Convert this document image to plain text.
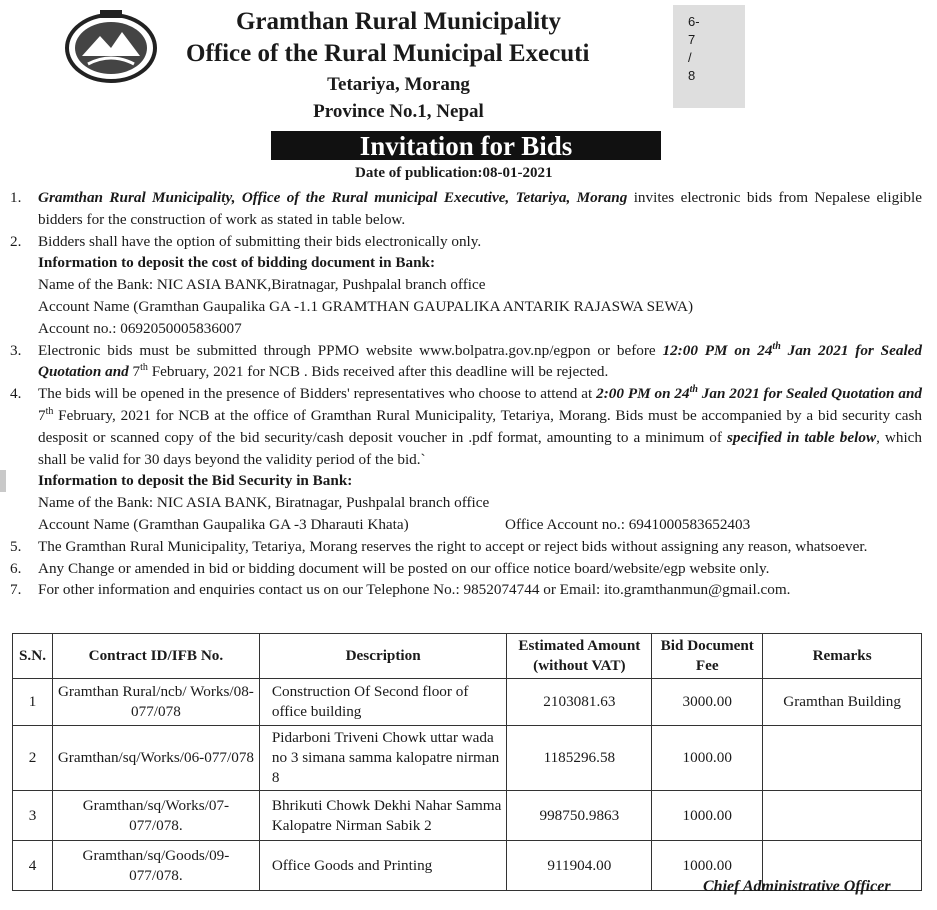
Gramthan Rural Municipality
Office of the Rural Municipal Executi
Tetariya, Morang
Province No.1, Nepal
6-
7
/
8
Invitation for Bids
Date of publication:08-01-2021
1. Gramthan Rural Municipality, Office of the Rural municipal Executive, Tetariya, Morang invites electronic bids from Nepalese eligible bidders for the construction of work as stated in table below.
2. Bidders shall have the option of submitting their bids electronically only.
Information to deposit the cost of bidding document in Bank:
Name of the Bank: NIC ASIA BANK,Biratnagar, Pushpalal branch office
Account Name (Gramthan Gaupalika GA -1.1 GRAMTHAN GAUPALIKA ANTARIK RAJASWA SEWA)
Account no.: 0692050005836007
3. Electronic bids must be submitted through PPMO website www.bolpatra.gov.np/egpon or before 12:00 PM on 24th Jan 2021 for Sealed Quotation and 7th February, 2021 for NCB . Bids received after this deadline will be rejected.
4. The bids will be opened in the presence of Bidders' representatives who choose to attend at 2:00 PM on 24th Jan 2021 for Sealed Quotation and 7th February, 2021 for NCB at the office of Gramthan Rural Municipality, Tetariya, Morang. Bids must be accompanied by a bid security cash desposit or scanned copy of the bid security/cash deposit voucher in .pdf format, amounting to a minimum of specified in table below, which shall be valid for 30 days beyond the validity period of the bid.`
Information to deposit the Bid Security in Bank:
Name of the Bank: NIC ASIA BANK, Biratnagar, Pushpalal branch office
Account Name (Gramthan Gaupalika GA -3 Dharauti Khata)	Office Account no.: 6941000583652403
5. The Gramthan Rural Municipality, Tetariya, Morang reserves the right to accept or reject bids without assigning any reason, whatsoever.
6. Any Change or amended in bid or bidding document will be posted on our office notice board/website/egp website only.
7. For other information and enquiries contact us on our Telephone No.: 9852074744 or Email: ito.gramthanmun@gmail.com.
S.N.	Contract ID/IFB No.	Description	Estimated Amount (without VAT)	Bid Document Fee	Remarks
1	Gramthan Rural/ncb/ Works/08-077/078	Construction Of Second floor of office building	2103081.63	3000.00	Gramthan Building
2	Gramthan/sq/Works/06-077/078	Pidarboni Triveni Chowk uttar wada no 3 simana samma kalopatre nirman 8	1185296.58	1000.00	
3	Gramthan/sq/Works/07-077/078.	Bhrikuti Chowk Dekhi Nahar Samma Kalopatre Nirman Sabik 2	998750.9863	1000.00	
4	Gramthan/sq/Goods/09-077/078.	Office Goods and Printing	911904.00	1000.00	
Chief Administrative Officer
